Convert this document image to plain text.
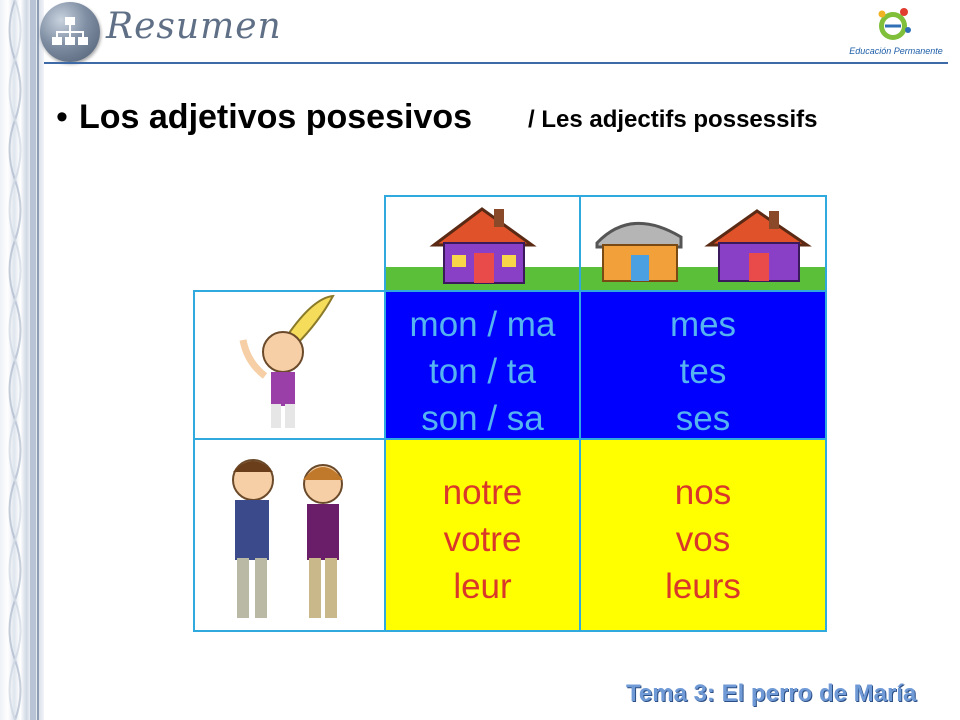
Resumen
Educación Permanente
• Los adjetivos posesivos / Les adjectifs possessifs
mon / ma
ton / ta
son / sa
mes
tes
ses
notre
votre
leur
nos
vos
leurs
Tema 3: El perro de María
